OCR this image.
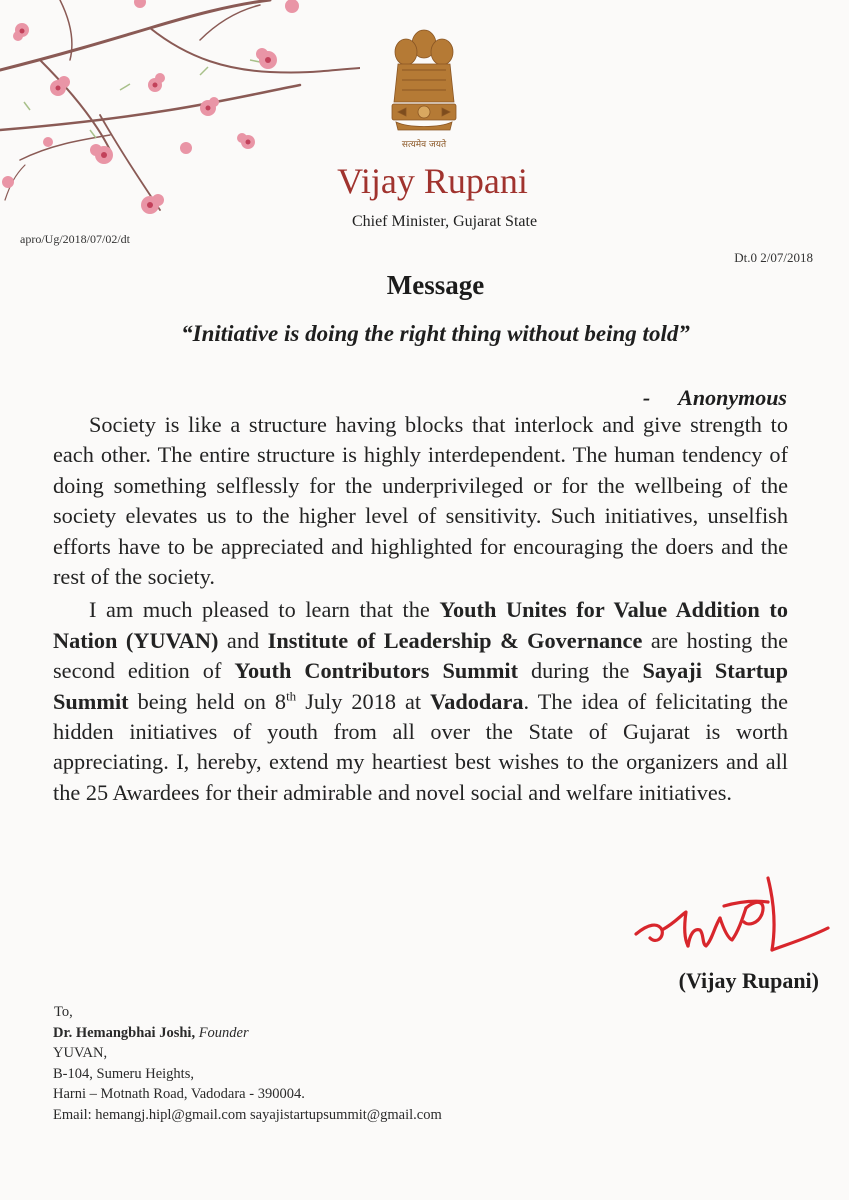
सत्यमेव जयते
Vijay Rupani
Chief Minister, Gujarat State
apro/Ug/2018/07/02/dt
Dt.0 2/07/2018
Message
“Initiative is doing the right thing without being told”
- Anonymous

Society is like a structure having blocks that interlock and give strength to each other. The entire structure is highly interdependent. The human tendency of doing something selflessly for the underprivileged or for the wellbeing of the society elevates us to the higher level of sensitivity. Such initiatives, unselfish efforts have to be appreciated and highlighted for encouraging the doers and the rest of the society.

I am much pleased to learn that the Youth Unites for Value Addition to Nation (YUVAN) and Institute of Leadership & Governance are hosting the second edition of Youth Contributors Summit during the Sayaji Startup Summit being held on 8th July 2018 at Vadodara. The idea of felicitating the hidden initiatives of youth from all over the State of Gujarat is worth appreciating. I, hereby, extend my heartiest best wishes to the organizers and all the 25 Awardees for their admirable and novel social and welfare initiatives.

(Vijay Rupani)
To,
Dr. Hemangbhai Joshi, Founder
YUVAN,
B-104, Sumeru Heights,
Harni – Motnath Road, Vadodara - 390004.
Email: hemangj.hipl@gmail.com sayajistartupsummit@gmail.com
